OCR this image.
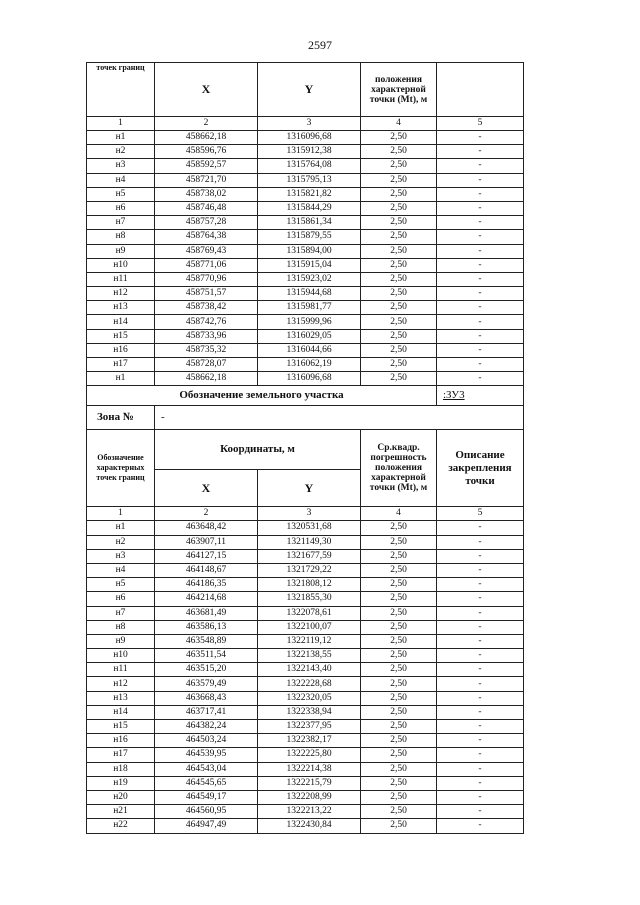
2597
точек границ	X	Y	положения характерной точки (Mt), м	
1	2	3	4	5
н1	458662,18	1316096,68	2,50	-
н2	458596,76	1315912,38	2,50	-
н3	458592,57	1315764,08	2,50	-
н4	458721,70	1315795,13	2,50	-
н5	458738,02	1315821,82	2,50	-
н6	458746,48	1315844,29	2,50	-
н7	458757,28	1315861,34	2,50	-
н8	458764,38	1315879,55	2,50	-
н9	458769,43	1315894,00	2,50	-
н10	458771,06	1315915,04	2,50	-
н11	458770,96	1315923,02	2,50	-
н12	458751,57	1315944,68	2,50	-
н13	458738,42	1315981,77	2,50	-
н14	458742,76	1315999,96	2,50	-
н15	458733,96	1316029,05	2,50	-
н16	458735,32	1316044,66	2,50	-
н17	458728,07	1316062,19	2,50	-
н1	458662,18	1316096,68	2,50	-
Обозначение земельного участка				:ЗУ3
Зона №	-			
Обозначение характерных точек границ	Координаты, м		Ср.квадр. погрешность положения характерной точки (Mt), м	Описание закрепления точки
	X	Y		
1	2	3	4	5
н1	463648,42	1320531,68	2,50	-
н2	463907,11	1321149,30	2,50	-
н3	464127,15	1321677,59	2,50	-
н4	464148,67	1321729,22	2,50	-
н5	464186,35	1321808,12	2,50	-
н6	464214,68	1321855,30	2,50	-
н7	463681,49	1322078,61	2,50	-
н8	463586,13	1322100,07	2,50	-
н9	463548,89	1322119,12	2,50	-
н10	463511,54	1322138,55	2,50	-
н11	463515,20	1322143,40	2,50	-
н12	463579,49	1322228,68	2,50	-
н13	463668,43	1322320,05	2,50	-
н14	463717,41	1322338,94	2,50	-
н15	464382,24	1322377,95	2,50	-
н16	464503,24	1322382,17	2,50	-
н17	464539,95	1322225,80	2,50	-
н18	464543,04	1322214,38	2,50	-
н19	464545,65	1322215,79	2,50	-
н20	464549,17	1322208,99	2,50	-
н21	464560,95	1322213,22	2,50	-
н22	464947,49	1322430,84	2,50	-
